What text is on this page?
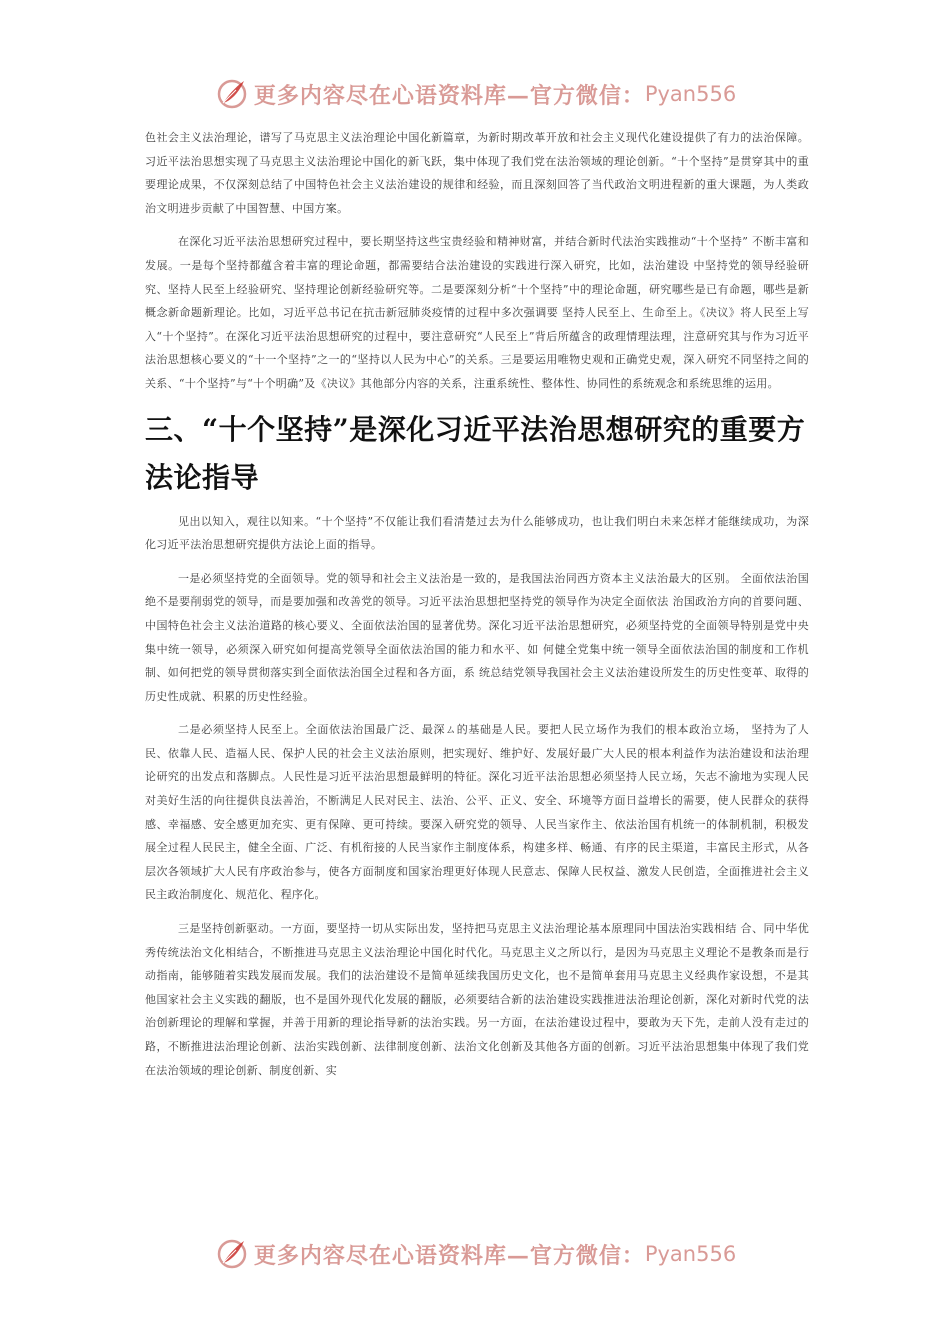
更多内容尽在心语资料库—官方微信： Pyan556

色社会主义法治理论，谱写了马克思主义法治理论中国化新篇章，为新时期改革开放和社会主义现代化建设提供了有力的法治保障。习近平法治思想实现了马克思主义法治理论中国化的新飞跃，集中体现了我们党在法治领域的理论创新。“十个坚持”是贯穿其中的重要理论成果，不仅深刻总结了中国特色社会主义法治建设的规律和经验，而且深刻回答了当代政治文明进程新的重大课题，为人类政治文明进步贡献了中国智慧、中国方案。

在深化习近平法治思想研究过程中，要长期坚持这些宝贵经验和精神财富，并结合新时代法治实践推动“十个坚持” 不断丰富和发展。一是每个坚持都蕴含着丰富的理论命题，都需要结合法治建设的实践进行深入研究，比如，法治建设 中坚持党的领导经验研究、坚持人民至上经验研究、坚持理论创新经验研究等。二是要深刻分析“十个坚持”中的理论命题，研究哪些是已有命题，哪些是新概念新命题新理论。比如，习近平总书记在抗击新冠肺炎疫情的过程中多次强调要 坚持人民至上、生命至上。《决议》将人民至上写入“十个坚持”。在深化习近平法治思想研究的过程中，要注意研究“人民至上”背后所蕴含的政理情理法理，注意研究其与作为习近平法治思想核心要义的“十一个坚持”之一的“坚持以人民为中心”的关系。三是要运用唯物史观和正确党史观，深入研究不同坚持之间的关系、“十个坚持”与“十个明确”及《决议》其他部分内容的关系，注重系统性、整体性、协同性的系统观念和系统思维的运用。

三、“十个坚持”是深化习近平法治思想研究的重要方法论指导

见出以知入，观往以知来。“十个坚持”不仅能让我们看清楚过去为什么能够成功，也让我们明白未来怎样才能继续成功，为深化习近平法治思想研究提供方法论上面的指导。

一是必须坚持党的全面领导。党的领导和社会主义法治是一致的，是我国法治同西方资本主义法治最大的区别。 全面依法治国绝不是要削弱党的领导，而是要加强和改善党的领导。习近平法治思想把坚持党的领导作为决定全面依法 治国政治方向的首要问题、中国特色社会主义法治道路的核心要义、全面依法治国的显著优势。深化习近平法治思想研究，必须坚持党的全面领导特别是党中央集中统一领导，必须深入研究如何提高党领导全面依法治国的能力和水平、如 何健全党集中统一领导全面依法治国的制度和工作机制、如何把党的领导贯彻落实到全面依法治国全过程和各方面，系 统总结党领导我国社会主义法治建设所发生的历史性变革、取得的历史性成就、积累的历史性经验。

二是必须坚持人民至上。全面依法治国最广泛、最深ㄙ的基础是人民。要把人民立场作为我们的根本政治立场， 坚持为了人民、依靠人民、造福人民、保护人民的社会主义法治原则，把实现好、维护好、发展好最广大人民的根本利益作为法治建设和法治理论研究的出发点和落脚点。人民性是习近平法治思想最鲜明的特征。深化习近平法治思想必须坚持人民立场，矢志不渝地为实现人民对美好生活的向往提供良法善治，不断满足人民对民主、法治、公平、正义、安全、环境等方面日益增长的需要，使人民群众的获得感、幸福感、安全感更加充实、更有保障、更可持续。要深入研究党的领导、人民当家作主、依法治国有机统一的体制机制，积极发展全过程人民民主，健全全面、广泛、有机衔接的人民当家作主制度体系，构建多样、畅通、有序的民主渠道，丰富民主形式，从各层次各领域扩大人民有序政治参与，使各方面制度和国家治理更好体现人民意志、保障人民权益、激发人民创造，全面推进社会主义民主政治制度化、规范化、程序化。

三是坚持创新驱动。一方面，要坚持一切从实际出发，坚持把马克思主义法治理论基本原理同中国法治实践相结 合、同中华优秀传统法治文化相结合，不断推进马克思主义法治理论中国化时代化。马克思主义之所以行，是因为马克思主义理论不是教条而是行动指南，能够随着实践发展而发展。我们的法治建设不是简单延续我国历史文化，也不是简单套用马克思主义经典作家设想，不是其他国家社会主义实践的翻版，也不是国外现代化发展的翻版，必须要结合新的法治建设实践推进法治理论创新，深化对新时代党的法治创新理论的理解和掌握，并善于用新的理论指导新的法治实践。另一方面，在法治建设过程中，要敢为天下先，走前人没有走过的路，不断推进法治理论创新、法治实践创新、法律制度创新、法治文化创新及其他各方面的创新。习近平法治思想集中体现了我们党在法治领域的理论创新、制度创新、实

更多内容尽在心语资料库—官方微信： Pyan556
